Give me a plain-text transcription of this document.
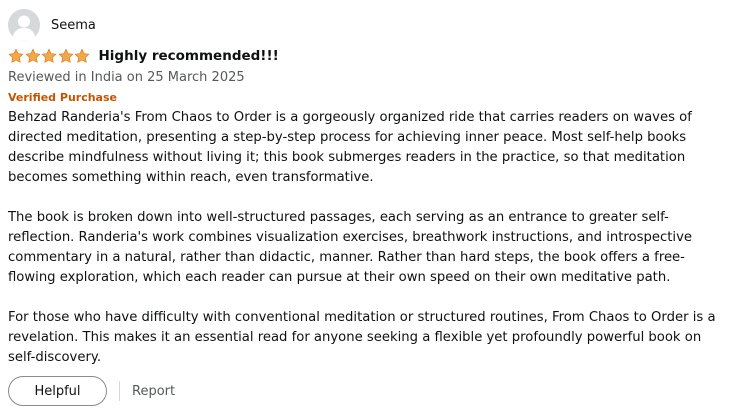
Seema
Highly recommended!!!
Reviewed in India on 25 March 2025
Verified Purchase

Behzad Randeria's From Chaos to Order is a gorgeously organized ride that carries readers on waves of directed meditation, presenting a step-by-step process for achieving inner peace. Most self-help books describe mindfulness without living it; this book submerges readers in the practice, so that meditation becomes something within reach, even transformative.

The book is broken down into well-structured passages, each serving as an entrance to greater self-reflection. Randeria's work combines visualization exercises, breathwork instructions, and introspective commentary in a natural, rather than didactic, manner. Rather than hard steps, the book offers a free-flowing exploration, which each reader can pursue at their own speed on their own meditative path.

For those who have difficulty with conventional meditation or structured routines, From Chaos to Order is a revelation. This makes it an essential read for anyone seeking a flexible yet profoundly powerful book on self-discovery.

Helpful	Report
